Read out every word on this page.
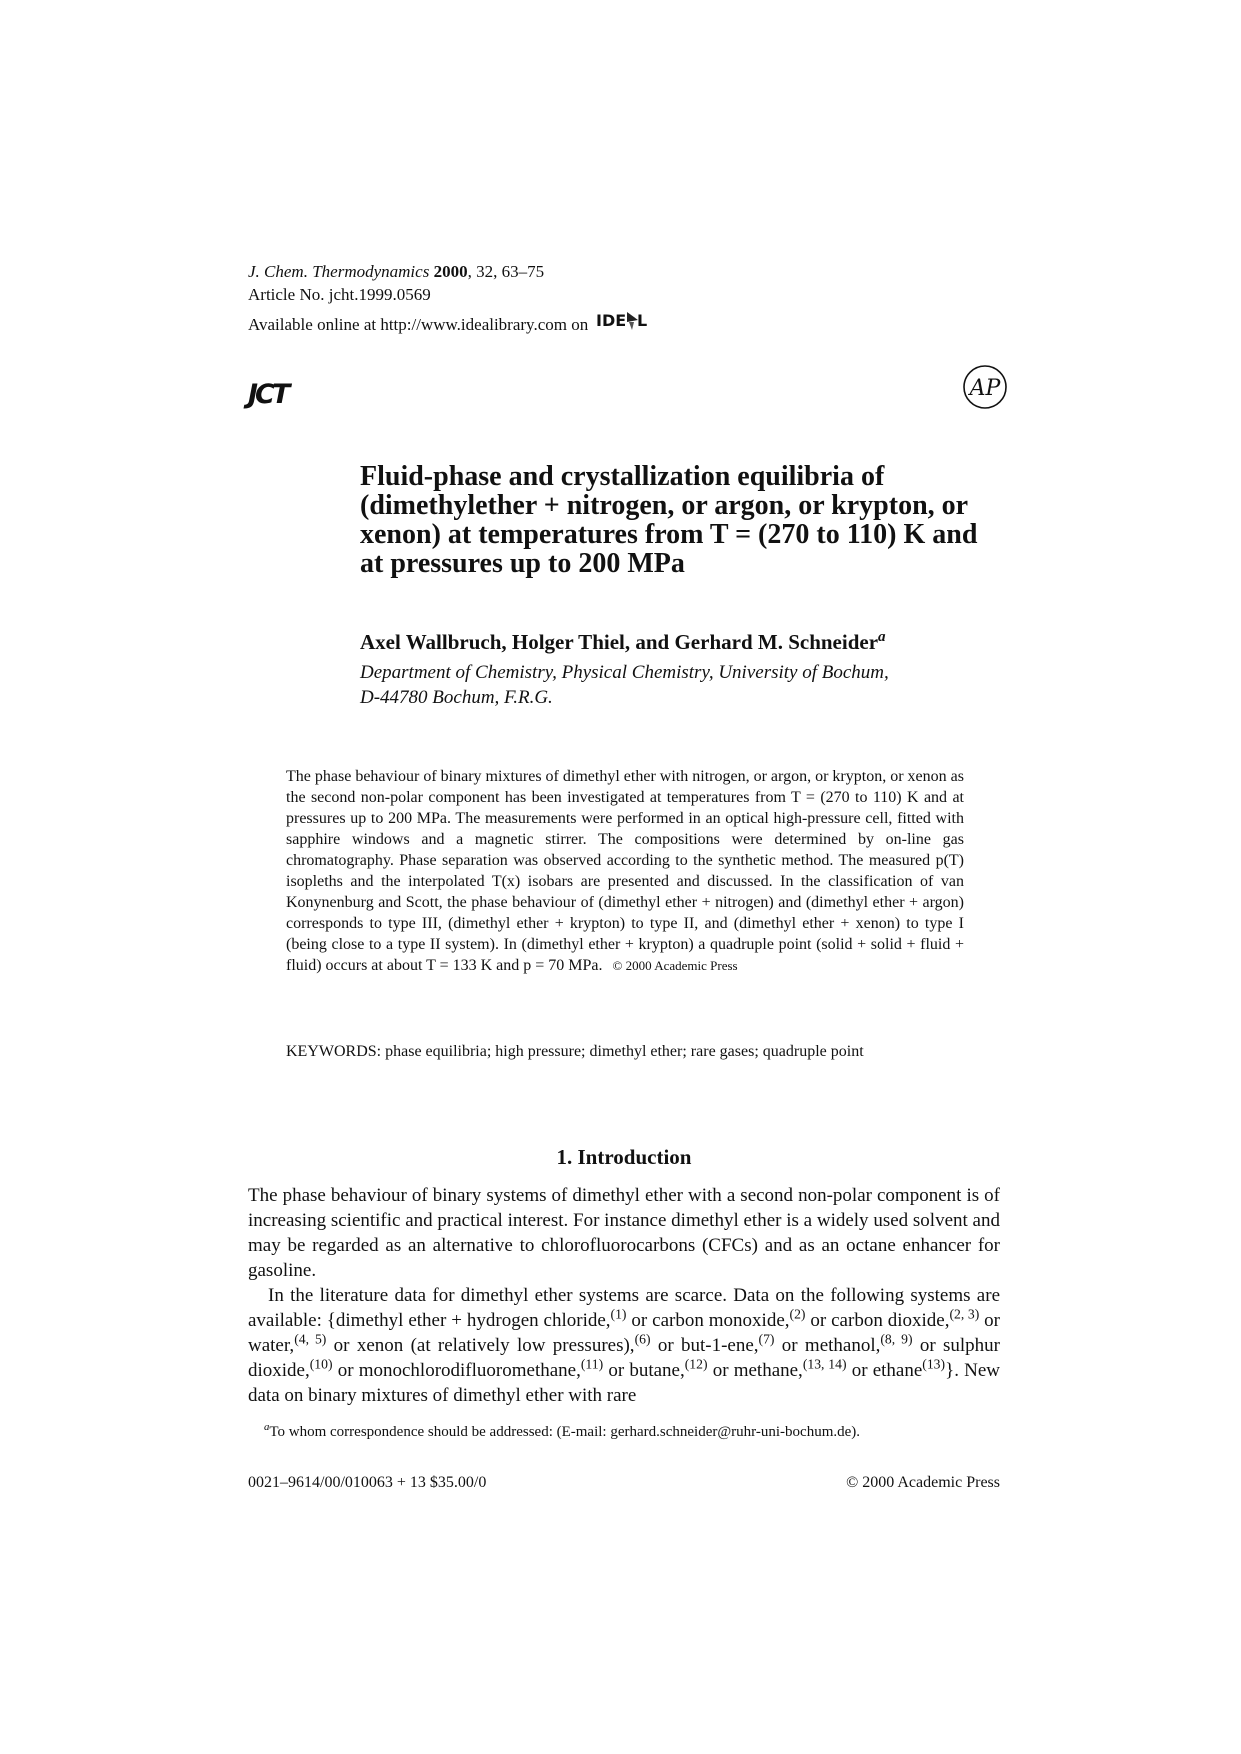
J. Chem. Thermodynamics 2000, 32, 63–75
Article No. jcht.1999.0569
Available online at http://www.idealibrary.com on IDE L
JCT	AP
Fluid-phase and crystallization equilibria of (dimethylether + nitrogen, or argon, or krypton, or xenon) at temperatures from T = (270 to 110) K and at pressures up to 200 MPa

Axel Wallbruch, Holger Thiel, and Gerhard M. Schneider$^a$

Department of Chemistry, Physical Chemistry, University of Bochum,
D-44780 Bochum, F.R.G.

The phase behaviour of binary mixtures of dimethyl ether with nitrogen, or argon, or krypton, or xenon as the second non-polar component has been investigated at temperatures from T = (270 to 110) K and at pressures up to 200 MPa. The measurements were performed in an optical high-pressure cell, fitted with sapphire windows and a magnetic stirrer. The compositions were determined by on-line gas chromatography. Phase separation was observed according to the synthetic method. The measured p(T) isopleths and the interpolated T(x) isobars are presented and discussed. In the classification of van Konynenburg and Scott, the phase behaviour of (dimethyl ether + nitrogen) and (dimethyl ether + argon) corresponds to type III, (dimethyl ether + krypton) to type II, and (dimethyl ether + xenon) to type I (being close to a type II system). In (dimethyl ether + krypton) a quadruple point (solid + solid + fluid + fluid) occurs at about T = 133 K and p = 70 MPa. © 2000 Academic Press

KEYWORDS: phase equilibria; high pressure; dimethyl ether; rare gases; quadruple point

1. Introduction

The phase behaviour of binary systems of dimethyl ether with a second non-polar component is of increasing scientific and practical interest. For instance dimethyl ether is a widely used solvent and may be regarded as an alternative to chlorofluorocarbons (CFCs) and as an octane enhancer for gasoline.

In the literature data for dimethyl ether systems are scarce. Data on the following systems are available: {dimethyl ether + hydrogen chloride,$^{(1)}$ or carbon monoxide,$^{(2)}$ or carbon dioxide,$^{(2, 3)}$ or water,$^{(4, 5)}$ or xenon (at relatively low pressures),$^{(6)}$ or but-1-ene,$^{(7)}$ or methanol,$^{(8, 9)}$ or sulphur dioxide,$^{(10)}$ or monochlorodifluoromethane,$^{(11)}$ or butane,$^{(12)}$ or methane,$^{(13, 14)}$ or ethane$^{(13)}$}. New data on binary mixtures of dimethyl ether with rare

$^a$To whom correspondence should be addressed: (E-mail: gerhard.schneider@ruhr-uni-bochum.de).

0021–9614/00/010063 + 13 $35.00/0	© 2000 Academic Press
